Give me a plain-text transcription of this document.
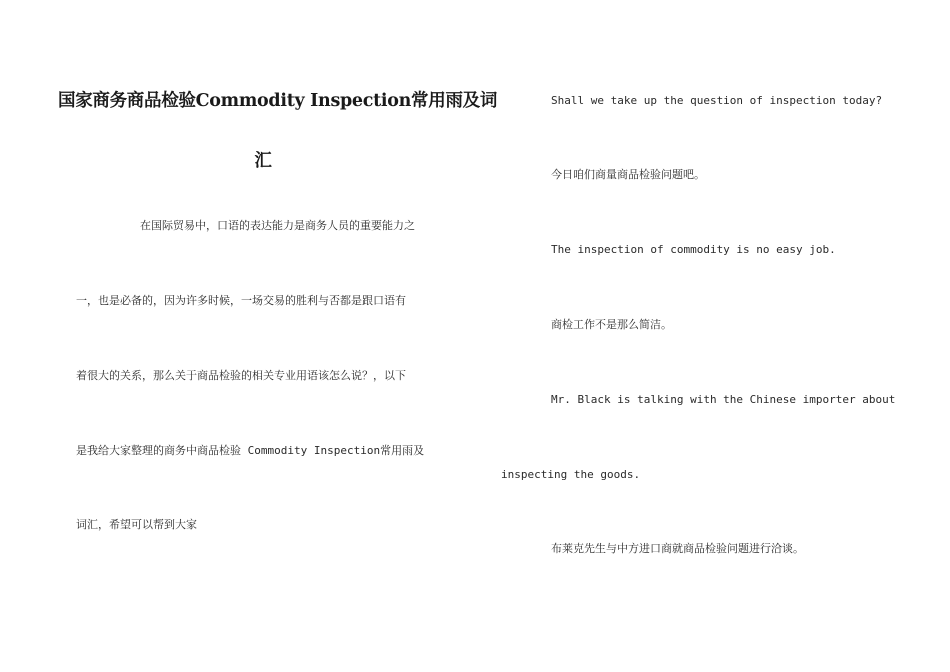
国家商务商品检验Commodity Inspection常用雨及词
汇

在国际贸易中，口语的表达能力是商务人员的重要能力之

一，也是必备的，因为许多时候，一场交易的胜利与否都是跟口语有

着很大的关系，那么关于商品检验的相关专业用语该怎么说？，以下

是我给大家整理的商务中商品检验 Commodity Inspection常用雨及

词汇，希望可以帮到大家

Shall we take up the question of inspection today?

今日咱们商量商品检验问题吧。

The inspection of commodity is no easy job.

商检工作不是那么简洁。

Mr. Black is talking with the Chinese importer about

inspecting the goods.

布莱克先生与中方进口商就商品检验问题进行洽谈。
